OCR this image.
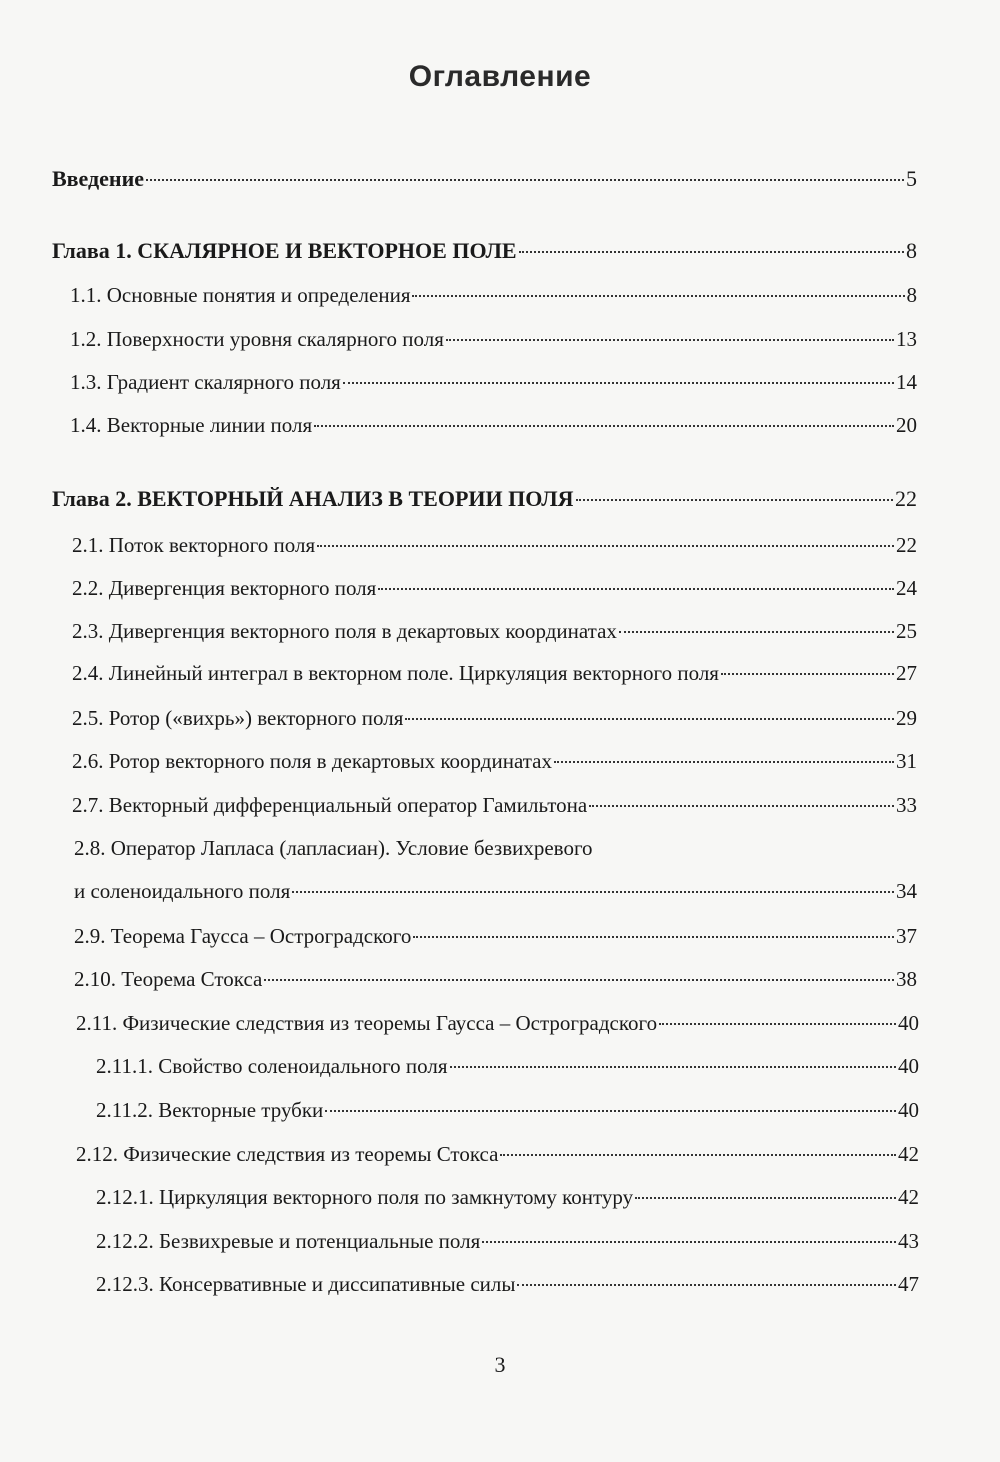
Оглавление
Введение	5
Глава 1. СКАЛЯРНОЕ И ВЕКТОРНОЕ ПОЛЕ	8
1.1. Основные понятия и определения	8
1.2. Поверхности уровня скалярного поля	13
1.3. Градиент скалярного поля	14
1.4. Векторные линии поля	20
Глава 2. ВЕКТОРНЫЙ АНАЛИЗ В ТЕОРИИ ПОЛЯ	22
2.1. Поток векторного поля	22
2.2. Дивергенция векторного поля	24
2.3. Дивергенция векторного поля в декартовых координатах	25
2.4. Линейный интеграл в векторном поле. Циркуляция векторного поля	27
2.5. Ротор («вихрь») векторного поля	29
2.6. Ротор векторного поля в декартовых координатах	31
2.7. Векторный дифференциальный оператор Гамильтона	33
2.8. Оператор Лапласа (лапласиан). Условие безвихревого
и соленоидального поля	34
2.9. Теорема Гаусса – Остроградского	37
2.10. Теорема Стокса	38
2.11. Физические следствия из теоремы Гаусса – Остроградского	40
2.11.1. Свойство соленоидального поля	40
2.11.2. Векторные трубки	40
2.12. Физические следствия из теоремы Стокса	42
2.12.1. Циркуляция векторного поля по замкнутому контуру	42
2.12.2. Безвихревые и потенциальные поля	43
2.12.3. Консервативные и диссипативные силы	47
3
